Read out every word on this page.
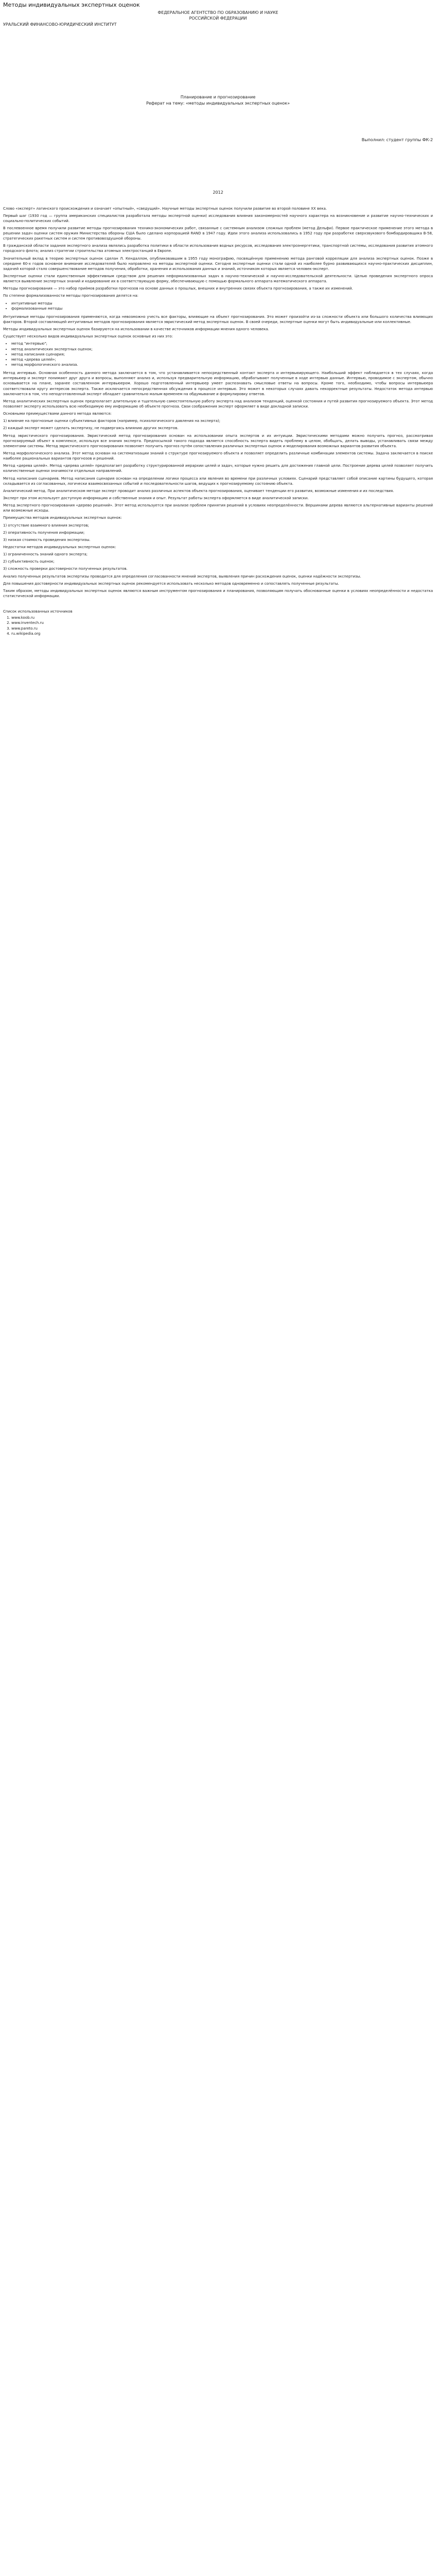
Методы индивидуальных экспертных оценок

ФЕДЕРАЛЬНОЕ АГЕНТСТВО ПО ОБРАЗОВАНИЮ И НАУКЕ

РОССИЙСКОЙ ФЕДЕРАЦИИ

УРАЛЬСКИЙ ФИНАНСОВО-ЮРИДИЧЕСКИЙ ИНСТИТУТ

Планирование и прогнозирование

Реферат на тему: «методы индивидуальных экспертных оценок»

Выполнил: студент группы ФК-2

2012

Слово «эксперт» латинского происхождения и означает «опытный», «сведущий». Научные методы экспертных оценок получили развитие во второй половине XX века.

Первый шаг (1930 год — группа американских специалистов разработала методы экспертной оценки) исследования влияния закономерностей научного характера на возникновение и развитие научно-технических и социально-политических событий.

В послевоенное время получили развитие методы прогнозирования технико-экономических работ, связанные с системным анализом сложных проблем (метод Дельфи). Первое практическое применение этого метода в решении задач оценки систем оружия Министерства обороны США было сделано корпорацией RAND в 1947 году. Идеи этого анализа использовались в 1952 году при разработке сверхзвукового бомбардировщика B-58, стратегических ракетных систем и систем противовоздушной обороны.

В гражданской области задания экспертного анализа являлись разработка политики в области использования водных ресурсов, исследования электроэнергетики, транспортной системы, исследования развития атомного городского флота; анализ стратегии строительства атомных электростанций в Европе.

Значительный вклад в теорию экспертных оценок сделан Л. Кендаллом, опубликовавшим в 1955 году монографию, посвящённую применению метода ранговой корреляции для анализа экспертных оценок. Позже в середине 60-х годов основное внимание исследователей было направлено на методы экспертной оценки. Сегодня экспертные оценки стали одной из наиболее бурно развивающихся научно-практических дисциплин, задачей которой стало совершенствование методов получения, обработки, хранения и использования данных и знаний, источником которых является человек-эксперт.

Экспертные оценки стали единственным эффективным средством для решения неформализованных задач в научно-технической и научно-исследовательской деятельности. Целью проведения экспертного опроса является выявление экспертных знаний и кодирование их в соответствующую форму, обеспечивающую с помощью формального аппарата математического аппарата.

Методы прогнозирования — это набор приёмов разработки прогнозов на основе данных о прошлых, внешних и внутренних связях объекта прогнозирования, а также их изменений.

По степени формализованности методы прогнозирования делятся на:

• интуитивные методы
• формализованные методы

Интуитивные методы прогнозирования применяются, когда невозможно учесть все факторы, влияющие на объект прогнозирования. Это может произойти из-за сложности объекта или большого количества влияющих факторов. Второй составляющей интуитивных методов прогнозирования является эвристический метод экспертных оценок. В своей очереди, экспертные оценки могут быть индивидуальные или коллективные.

Методы индивидуальных экспертных оценок базируются на использовании в качестве источников информации мнения одного человека.

Существует несколько видов индивидуальных экспертных оценок основные из них это:

• метод "интервью";
• метод аналитических экспертных оценок;
• метод написания сценария;
• метод «дерева целей»;
• метод морфологического анализа.

Метод интервью. Основная особенность данного метода заключается в том, что устанавливается непосредственный контакт эксперта и интервьюирующего. Наибольший эффект наблюдается в тех случаях, когда интервьюер и эксперт понимают друг друга и вопросы, выполняют анализ и, используя предварительную информацию, обрабатывают полученные в ходе интервью данные. Интервью, проводимое с экспертом, обычно основывается на плане, заранее составленном интервьюером. Хорошо подготовленный интервьюер умеет распознавать смысловые ответы на вопросы. Кроме того, необходимо, чтобы вопросы интервьюера соответствовали кругу интересов эксперта. Также исключается непосредственная обсуждения в процессе интервью. Это может в некоторых случаях давать некорректные результаты. Недостаток метода интервью заключается в том, что неподготовленный эксперт обладает сравнительно малым временем на обдумывание и формулировку ответов.

Метод аналитических экспертных оценок предполагает длительную и тщательную самостоятельную работу эксперта над анализом тенденций, оценкой состояния и путей развития прогнозируемого объекта. Этот метод позволяет эксперту использовать всю необходимую ему информацию об объекте прогноза. Свои соображения эксперт оформляет в виде докладной записки.

Основными преимуществами данного метода являются:

1) влияние на прогнозные оценки субъективных факторов (например, психологического давления на эксперта);

2) каждый эксперт может сделать экспертизу, не подвергаясь влиянию других экспертов.

Метод эвристического прогнозирования. Эвристический метод прогнозирования основан на использовании опыта экспертов и их интуиции. Эвристическими методами можно получить прогноз, рассматривая прогнозируемый объект в комплексе, используя все знания эксперта. Предпосылкой такого подхода является способность эксперта видеть проблему в целом, обобщать, делать выводы, устанавливать связи между элементами системы. Метод эвристического прогнозирования позволяет получить прогноз путём сопоставления различных экспертных оценок и моделирования возможных вариантов развития объекта.

Метод морфологического анализа. Этот метод основан на систематизации знаний о структуре прогнозируемого объекта и позволяет определить различные комбинации элементов системы. Задача заключается в поиске наиболее рациональных вариантов прогнозов и решений.

Метод «дерева целей». Метод «дерева целей» предполагает разработку структурированной иерархии целей и задач, которые нужно решить для достижения главной цели. Построение дерева целей позволяет получить количественные оценки значимости отдельных направлений.

Метод написания сценариев. Метод написания сценария основан на определении логики процесса или явления во времени при различных условиях. Сценарий представляет собой описание картины будущего, которая складывается из согласованных, логически взаимосвязанных событий и последовательности шагов, ведущих к прогнозируемому состоянию объекта.

Аналитический метод. При аналитическом методе эксперт проводит анализ различных аспектов объекта прогнозирования, оценивает тенденции его развития, возможные изменения и их последствия.

Эксперт при этом использует доступную информацию и собственные знания и опыт. Результат работы эксперта оформляется в виде аналитической записки.

Метод экспертного прогнозирования «дерево решений». Этот метод используется при анализе проблем принятия решений в условиях неопределённости. Вершинами дерева являются альтернативные варианты решений или возможные исходы.

Преимущества методов индивидуальных экспертных оценок:

1) отсутствие взаимного влияния экспертов;

2) оперативность получения информации;

3) низкая стоимость проведения экспертизы.

Недостатки методов индивидуальных экспертных оценок:

1) ограниченность знаний одного эксперта;

2) субъективность оценок;

3) сложность проверки достоверности полученных результатов.

Анализ полученных результатов экспертизы проводится для определения согласованности мнений экспертов, выявления причин расхождения оценок, оценки надёжности экспертизы.

Для повышения достоверности индивидуальных экспертных оценок рекомендуется использовать несколько методов одновременно и сопоставлять полученные результаты.

Таким образом, методы индивидуальных экспертных оценок являются важным инструментом прогнозирования и планирования, позволяющим получать обоснованные оценки в условиях неопределённости и недостатка статистической информации.

Список использованных источников
1. www.koob.ru
2. www.inventech.ru
3. www.pareto.ru
4. ru.wikipedia.org
